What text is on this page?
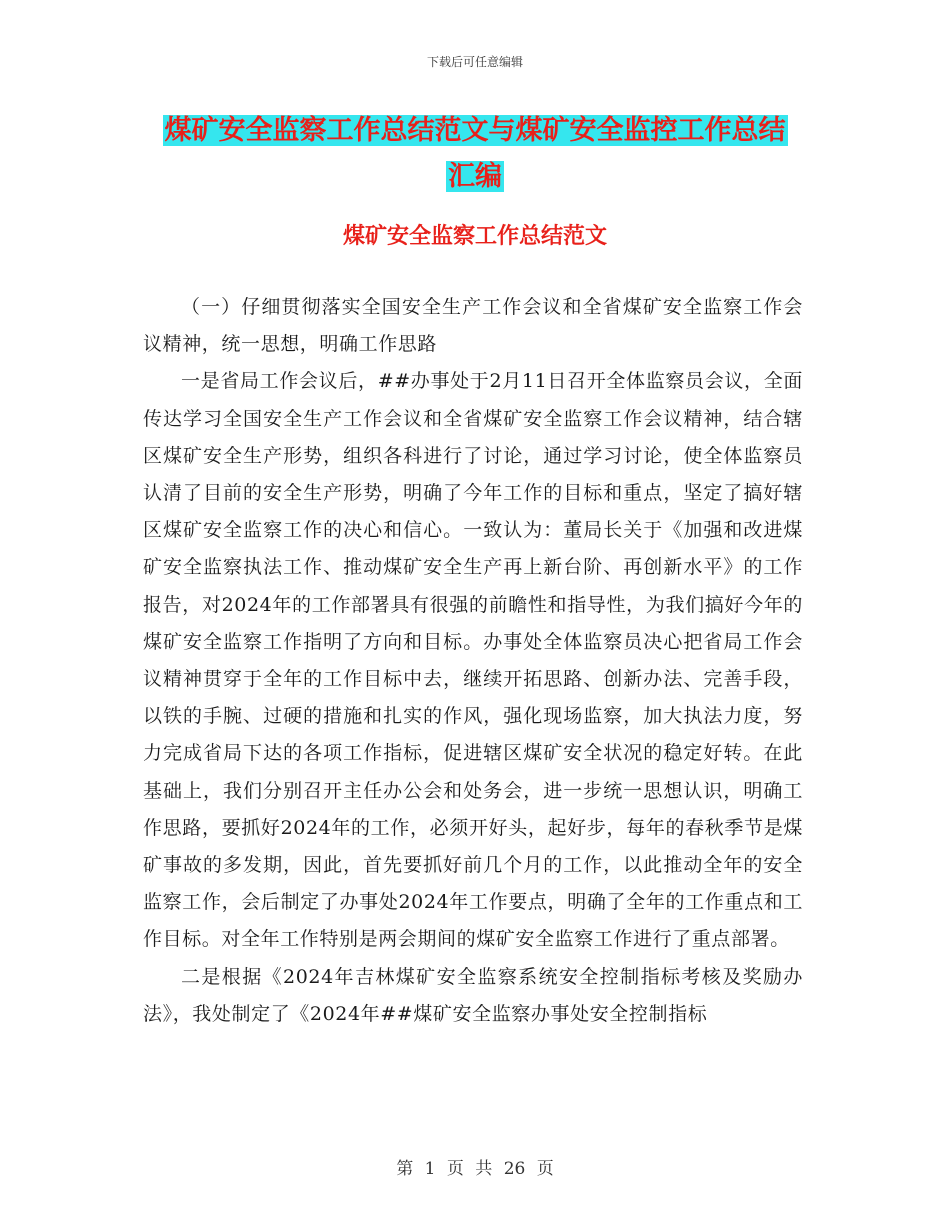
下载后可任意编辑
煤矿安全监察工作总结范文与煤矿安全监控工作总结
汇编
煤矿安全监察工作总结范文

（一）仔细贯彻落实全国安全生产工作会议和全省煤矿安全监察工作会议精神，统一思想，明确工作思路

一是省局工作会议后，##办事处于2月11日召开全体监察员会议，全面传达学习全国安全生产工作会议和全省煤矿安全监察工作会议精神，结合辖区煤矿安全生产形势，组织各科进行了讨论，通过学习讨论，使全体监察员认清了目前的安全生产形势，明确了今年工作的目标和重点，坚定了搞好辖区煤矿安全监察工作的决心和信心。一致认为：董局长关于《加强和改进煤矿安全监察执法工作、推动煤矿安全生产再上新台阶、再创新水平》的工作报告，对2024年的工作部署具有很强的前瞻性和指导性，为我们搞好今年的煤矿安全监察工作指明了方向和目标。办事处全体监察员决心把省局工作会议精神贯穿于全年的工作目标中去，继续开拓思路、创新办法、完善手段，以铁的手腕、过硬的措施和扎实的作风，强化现场监察，加大执法力度，努力完成省局下达的各项工作指标，促进辖区煤矿安全状况的稳定好转。在此基础上，我们分别召开主任办公会和处务会，进一步统一思想认识，明确工作思路，要抓好2024年的工作，必须开好头，起好步，每年的春秋季节是煤矿事故的多发期，因此，首先要抓好前几个月的工作，以此推动全年的安全监察工作，会后制定了办事处2024年工作要点，明确了全年的工作重点和工作目标。对全年工作特别是两会期间的煤矿安全监察工作进行了重点部署。

二是根据《2024年吉林煤矿安全监察系统安全控制指标考核及奖励办法》，我处制定了《2024年##煤矿安全监察办事处安全控制指标

第 1 页 共 26 页
